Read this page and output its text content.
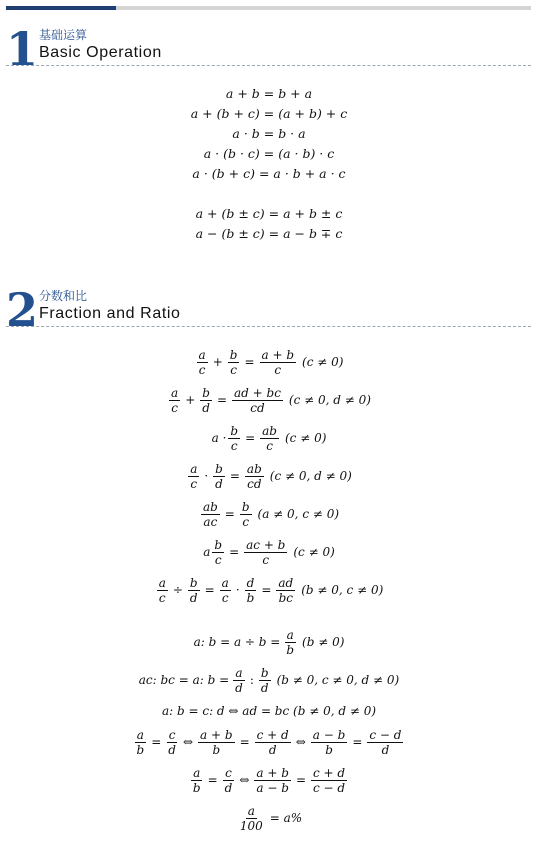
1 基础运算
Basic Operation
a + b = b + a
a + (b + c) = (a + b) + c
a · b = b · a
a · (b · c) = (a · b) · c
a · (b + c) = a · b + a · c
a + (b ± c) = a + b ± c
a − (b ± c) = a − b ∓ c
2 分数和比
Fraction and Ratio
$\frac{a}{c} + \frac{b}{c} = \frac{a + b}{c} (c \ne 0)$
$\frac{a}{c} + \frac{b}{d} = \frac{ad + bc}{cd} (c \ne 0$, d ≠ 0)
$a \cdot \frac{b}{c} = \frac{ab}{c} (c \ne 0)$
$\frac{a}{c} \cdot \frac{b}{d} = \frac{ab}{cd} (c \ne 0$, d ≠ 0)
$\frac{ab}{ac} = \frac{b}{c} (a \ne 0$, c ≠ 0)
a $\frac{b}{c} = \frac{ac + b}{c} (c \ne 0)$
$\frac{a}{c} \div \frac{b}{d} = \frac{a}{c} \cdot \frac{d}{b} = \frac{ad}{bc} (b \ne 0$, c ≠ 0)
a: $b = a \div b = \frac{a}{b} (b \ne 0)$
ac: bc = a: $b = \frac{a}{d}$ : $\frac{b}{d} (b \ne 0$, c ≠ 0, d ≠ 0)
a: b = c: d ⇔ ad = bc (b ≠ 0, d ≠ 0)
$\frac{a}{b} = \frac{c}{d}$ ⇔ $\frac{a + b}{b} = \frac{c + d}{d}$ ⇔ $\frac{a - b}{b} = \frac{c - d}{d}$
$\frac{a}{b} = \frac{c}{d}$ ⇔ $\frac{a + b}{a - b} = \frac{c + d}{c - d}$
$\frac{a}{100} = a\%$
